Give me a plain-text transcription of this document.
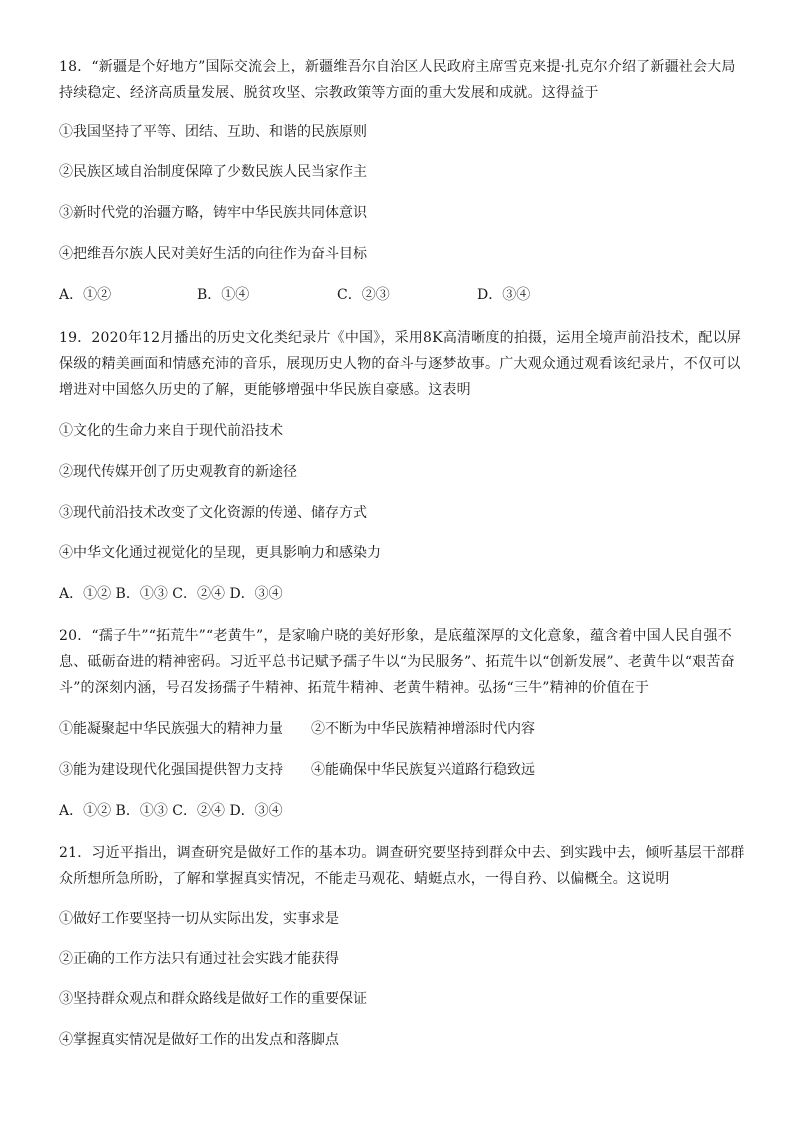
18．“新疆是个好地方”国际交流会上，新疆维吾尔自治区人民政府主席雪克来提·扎克尔介绍了新疆社会大局持续稳定、经济高质量发展、脱贫攻坚、宗教政策等方面的重大发展和成就。这得益于

①我国坚持了平等、团结、互助、和谐的民族原则

②民族区域自治制度保障了少数民族人民当家作主

③新时代党的治疆方略，铸牢中华民族共同体意识

④把维吾尔族人民对美好生活的向往作为奋斗目标

A．①②	B．①④	C．②③	D．③④

19．2020年12月播出的历史文化类纪录片《中国》，采用8K高清晰度的拍摄，运用全境声前沿技术，配以屏保级的精美画面和情感充沛的音乐，展现历史人物的奋斗与逐梦故事。广大观众通过观看该纪录片，不仅可以增进对中国悠久历史的了解，更能够增强中华民族自豪感。这表明

①文化的生命力来自于现代前沿技术

②现代传媒开创了历史观教育的新途径

③现代前沿技术改变了文化资源的传递、储存方式

④中华文化通过视觉化的呈现，更具影响力和感染力

A．①② B．①③ C．②④ D．③④

20．“孺子牛”“拓荒牛”“老黄牛”，是家喻户晓的美好形象，是底蕴深厚的文化意象，蕴含着中国人民自强不息、砥砺奋进的精神密码。习近平总书记赋予孺子牛以“为民服务”、拓荒牛以“创新发展”、老黄牛以“艰苦奋斗”的深刻内涵，号召发扬孺子牛精神、拓荒牛精神、老黄牛精神。弘扬“三牛”精神的价值在于

①能凝聚起中华民族强大的精神力量 ②不断为中华民族精神增添时代内容
③能为建设现代化强国提供智力支持 ④能确保中华民族复兴道路行稳致远
A．①② B．①③ C．②④ D．③④

21．习近平指出，调查研究是做好工作的基本功。调查研究要坚持到群众中去、到实践中去，倾听基层干部群众所想所急所盼，了解和掌握真实情况，不能走马观花、蜻蜓点水，一得自矜、以偏概全。这说明

①做好工作要坚持一切从实际出发，实事求是

②正确的工作方法只有通过社会实践才能获得

③坚持群众观点和群众路线是做好工作的重要保证

④掌握真实情况是做好工作的出发点和落脚点
